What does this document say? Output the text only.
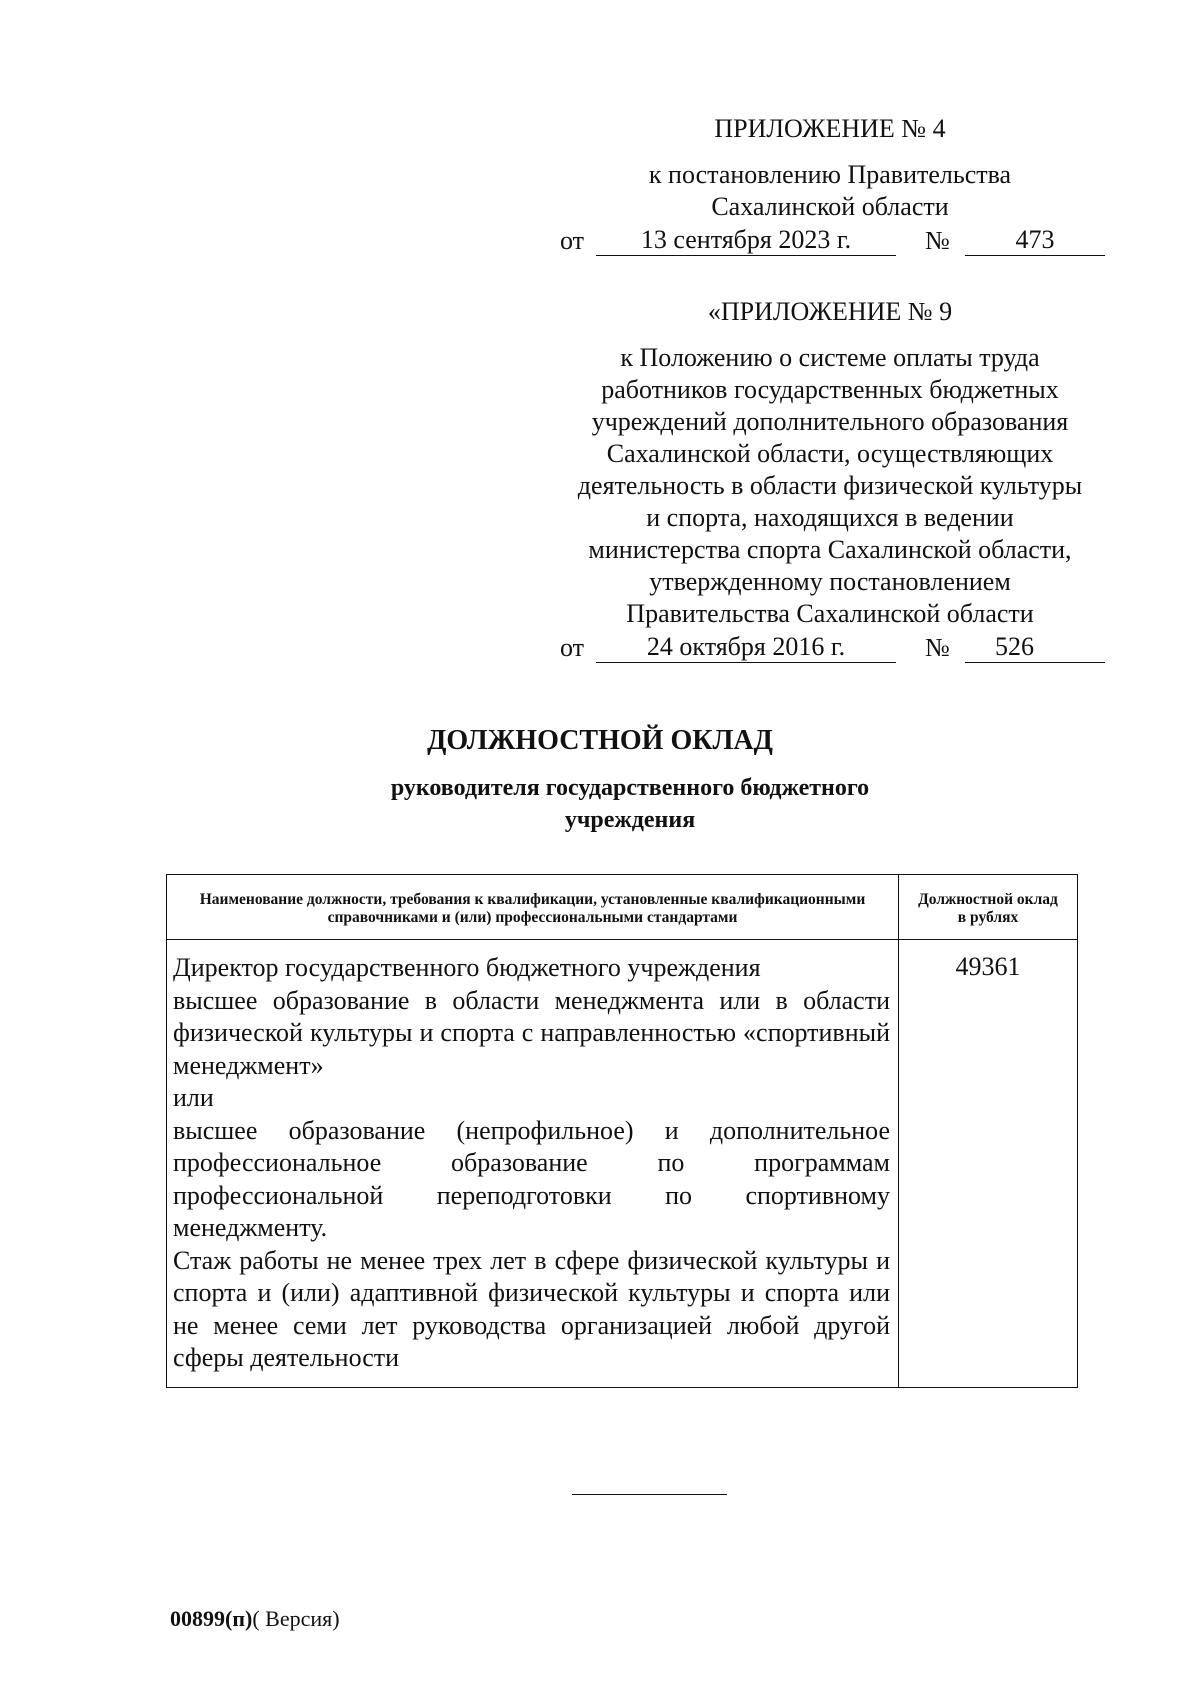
ПРИЛОЖЕНИЕ № 4
к постановлению Правительства
Сахалинской области
от	13 сентября 2023 г.	№	473
«ПРИЛОЖЕНИЕ № 9
к Положению о системе оплаты труда
работников государственных бюджетных
учреждений дополнительного образования
Сахалинской области, осуществляющих
деятельность в области физической культуры
и спорта, находящихся в ведении
министерства спорта Сахалинской области,
утвержденному постановлением
Правительства Сахалинской области
от	24 октября 2016 г.	№	526
ДОЛЖНОСТНОЙ ОКЛАД
руководителя государственного бюджетного
учреждения
Наименование должности, требования к квалификации, установленные квалификационными справочниками и (или) профессиональными стандартами	Должностной оклад в рублях

Директор государственного бюджетного учреждения

высшее образование в области менеджмента или в области физической культуры и спорта с направленностью «спортивный менеджмент»

или

высшее образование (непрофильное) и дополнительное профессиональное образование по программам профессиональной переподготовки по спортивному менеджменту.

Стаж работы не менее трех лет в сфере физической культуры и спорта и (или) адаптивной физической культуры и спорта или не менее семи лет руководства организацией любой другой сферы деятельности	49361
00899(п)( Версия)
